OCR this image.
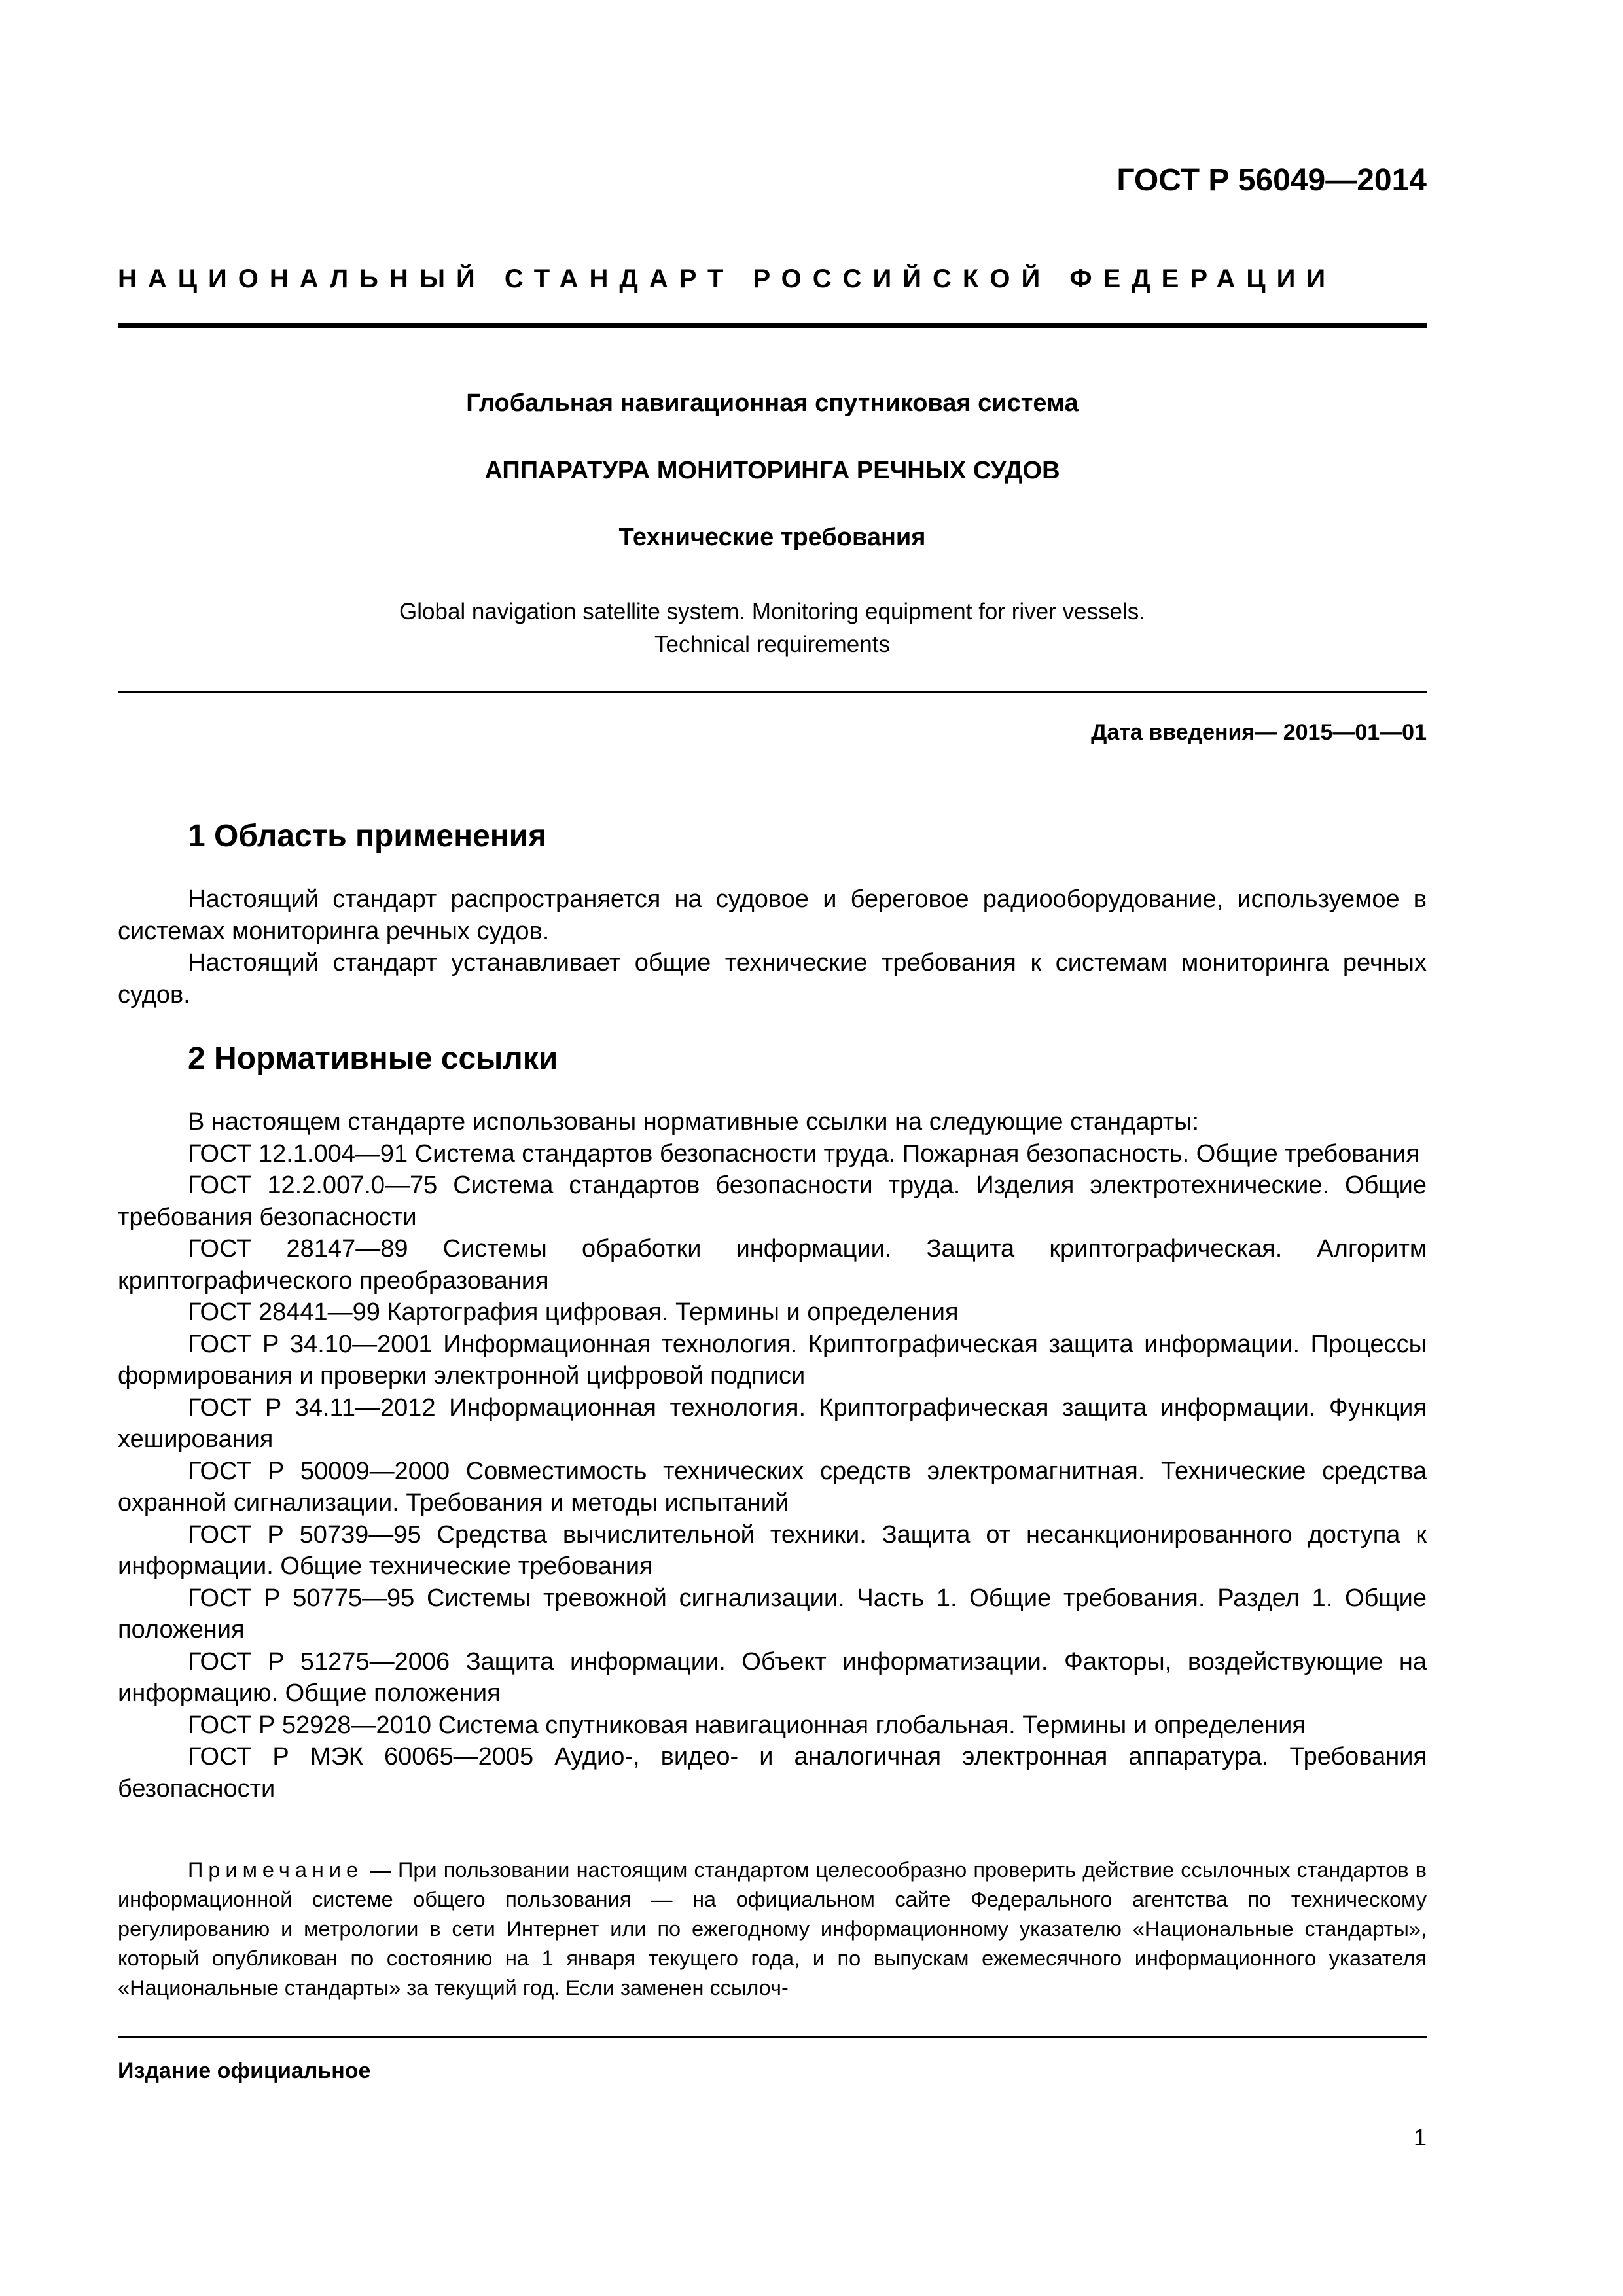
ГОСТ Р 56049—2014
НАЦИОНАЛЬНЫЙ СТАНДАРТ РОССИЙСКОЙ ФЕДЕРАЦИИ
Глобальная навигационная спутниковая система
АППАРАТУРА МОНИТОРИНГА РЕЧНЫХ СУДОВ
Технические требования
Global navigation satellite system. Monitoring equipment for river vessels.
Technical requirements
Дата введения— 2015—01—01
1 Область применения

Настоящий стандарт распространяется на судовое и береговое радиооборудование, используемое в системах мониторинга речных судов.

Настоящий стандарт устанавливает общие технические требования к системам мониторинга речных судов.

2 Нормативные ссылки

В настоящем стандарте использованы нормативные ссылки на следующие стандарты:

ГОСТ 12.1.004—91 Система стандартов безопасности труда. Пожарная безопасность. Общие требования

ГОСТ 12.2.007.0—75 Система стандартов безопасности труда. Изделия электротехнические. Общие требования безопасности

ГОСТ 28147—89 Системы обработки информации. Защита криптографическая. Алгоритм криптографического преобразования

ГОСТ 28441—99 Картография цифровая. Термины и определения

ГОСТ Р 34.10—2001 Информационная технология. Криптографическая защита информации. Процессы формирования и проверки электронной цифровой подписи

ГОСТ Р 34.11—2012 Информационная технология. Криптографическая защита информации. Функция хеширования

ГОСТ Р 50009—2000 Совместимость технических средств электромагнитная. Технические средства охранной сигнализации. Требования и методы испытаний

ГОСТ Р 50739—95 Средства вычислительной техники. Защита от несанкционированного доступа к информации. Общие технические требования

ГОСТ Р 50775—95 Системы тревожной сигнализации. Часть 1. Общие требования. Раздел 1. Общие положения

ГОСТ Р 51275—2006 Защита информации. Объект информатизации. Факторы, воздействующие на информацию. Общие положения

ГОСТ Р 52928—2010 Система спутниковая навигационная глобальная. Термины и определения

ГОСТ Р МЭК 60065—2005 Аудио-, видео- и аналогичная электронная аппаратура. Требования безопасности

Примечание — При пользовании настоящим стандартом целесообразно проверить действие ссылочных стандартов в информационной системе общего пользования — на официальном сайте Федерального агентства по техническому регулированию и метрологии в сети Интернет или по ежегодному информационному указателю «Национальные стандарты», который опубликован по состоянию на 1 января текущего года, и по выпускам ежемесячного информационного указателя «Национальные стандарты» за текущий год. Если заменен ссылоч-

Издание официальное
1
